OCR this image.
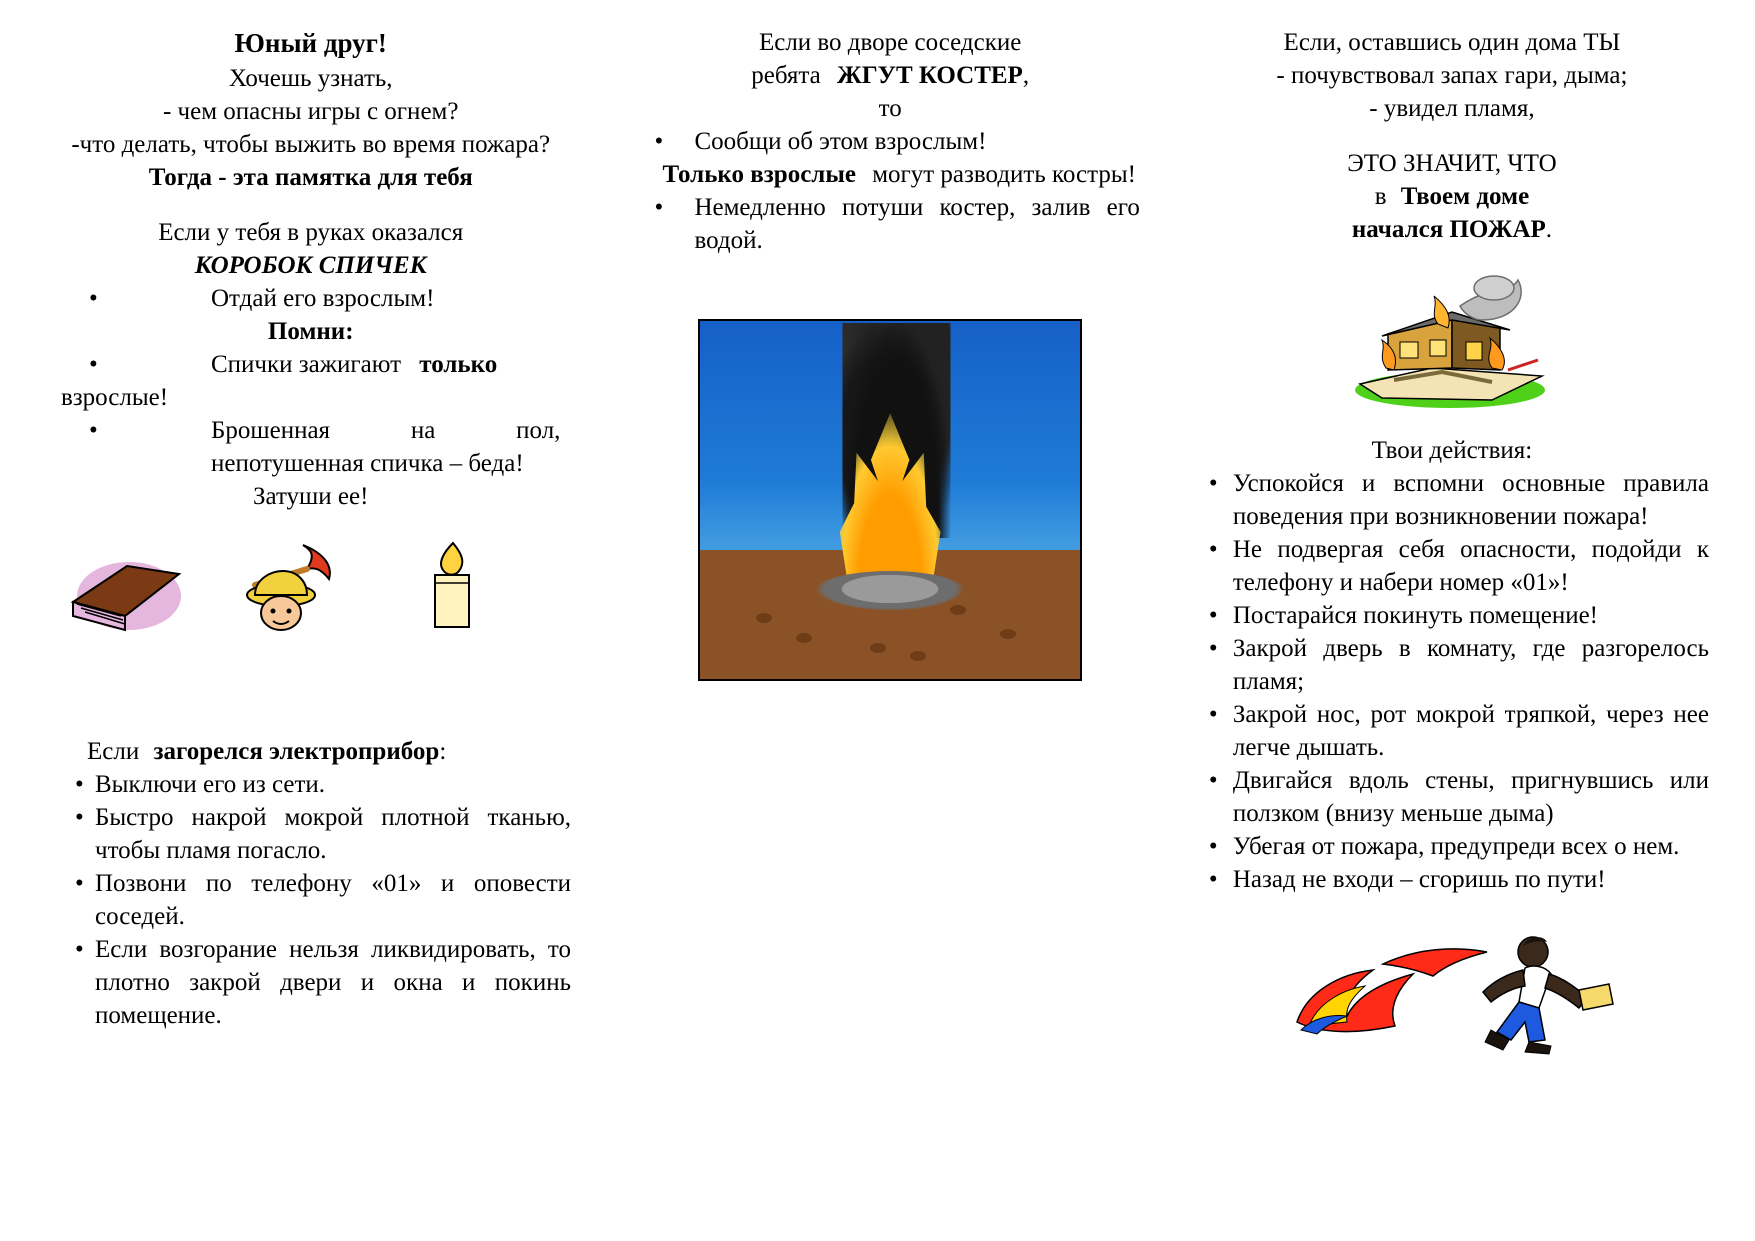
Юный друг!

Хочешь узнать,

- чем опасны игры с огнем?

-что делать, чтобы выжить во время пожара?

Тогда - эта памятка для тебя

Если у тебя в руках оказался

КОРОБОК СПИЧЕК

•	Отдай его взрослым!

Помни:

•	Спички зажигают только

взрослые!

•	Брошенная на пол, непотушенная спичка – беда!

Затуши ее!

Если во дворе соседские

ребята ЖГУТ КОСТЕР,

то

• Сообщи об этом взрослым!

Только взрослые могут разводить костры!

• Немедленно потуши костер, залив его водой.

Если, оставшись один дома ТЫ

- почувствовал запах гари, дыма;

- увидел пламя,

ЭТО ЗНАЧИТ, ЧТО

в Твоем доме

начался ПОЖАР.

Твои действия:

• Успокойся и вспомни основные правила поведения при возникновении пожара!

• Не подвергая себя опасности, подойди к телефону и набери номер «01»!

• Постарайся покинуть помещение!

• Закрой дверь в комнату, где разгорелось пламя;

• Закрой нос, рот мокрой тряпкой, через нее легче дышать.

• Двигайся вдоль стены, пригнувшись или ползком (внизу меньше дыма)

• Убегая от пожара, предупреди всех о нем.

• Назад не входи – сгоришь по пути!

Если загорелся электроприбор:

• Выключи его из сети.

• Быстро накрой мокрой плотной тканью, чтобы пламя погасло.

• Позвони по телефону «01» и оповести соседей.

• Если возгорание нельзя ликвидировать, то плотно закрой двери и окна и покинь помещение.
